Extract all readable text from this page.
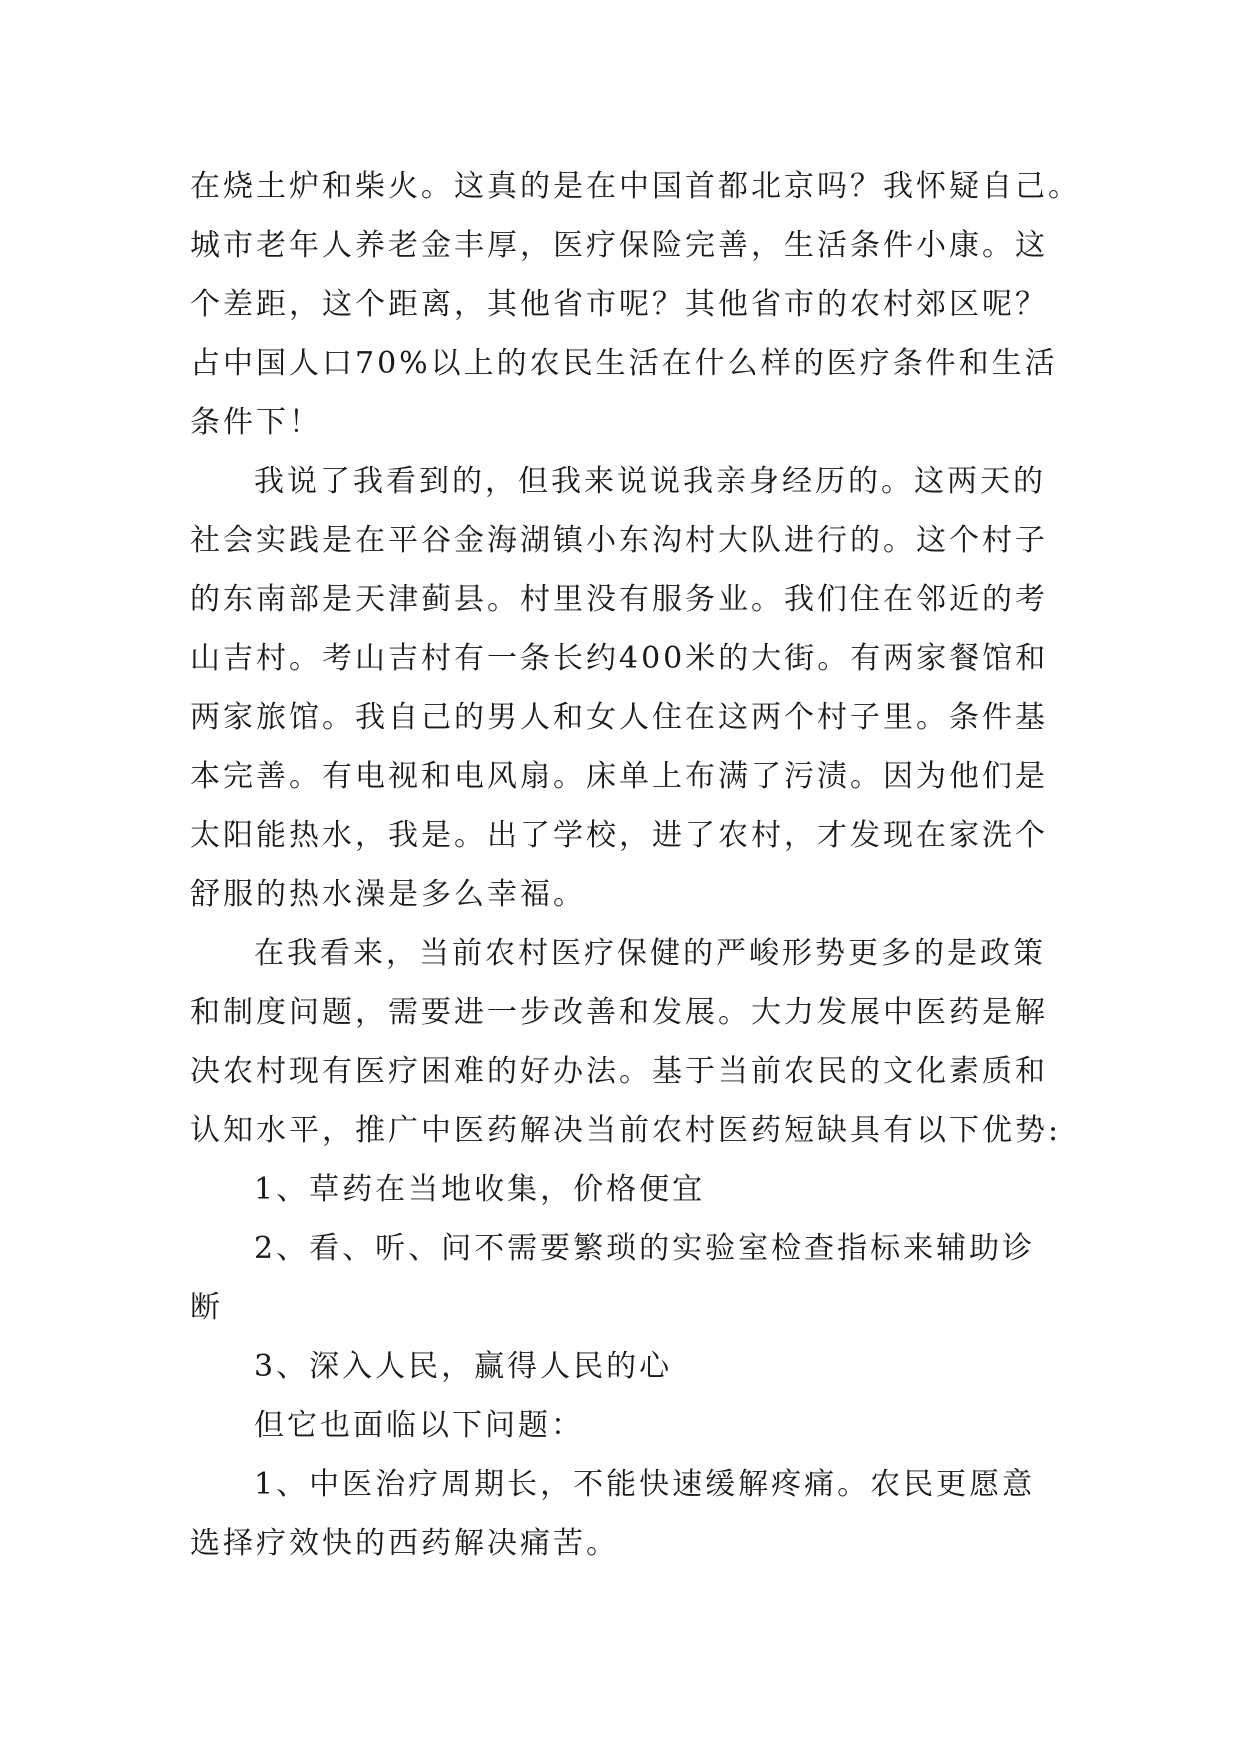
在烧土炉和柴火。这真的是在中国首都北京吗？我怀疑自己。
城市老年人养老金丰厚，医疗保险完善，生活条件小康。这
个差距，这个距离，其他省市呢？其他省市的农村郊区呢？
占中国人口70%以上的农民生活在什么样的医疗条件和生活
条件下！
我说了我看到的，但我来说说我亲身经历的。这两天的
社会实践是在平谷金海湖镇小东沟村大队进行的。这个村子
的东南部是天津蓟县。村里没有服务业。我们住在邻近的考
山吉村。考山吉村有一条长约400米的大街。有两家餐馆和
两家旅馆。我自己的男人和女人住在这两个村子里。条件基
本完善。有电视和电风扇。床单上布满了污渍。因为他们是
太阳能热水，我是。出了学校，进了农村，才发现在家洗个
舒服的热水澡是多么幸福。
在我看来，当前农村医疗保健的严峻形势更多的是政策
和制度问题，需要进一步改善和发展。大力发展中医药是解
决农村现有医疗困难的好办法。基于当前农民的文化素质和
认知水平，推广中医药解决当前农村医药短缺具有以下优势:
1、草药在当地收集，价格便宜
2、看、听、问不需要繁琐的实验室检查指标来辅助诊
断
3、深入人民，赢得人民的心
但它也面临以下问题：
1、中医治疗周期长，不能快速缓解疼痛。农民更愿意
选择疗效快的西药解决痛苦。
